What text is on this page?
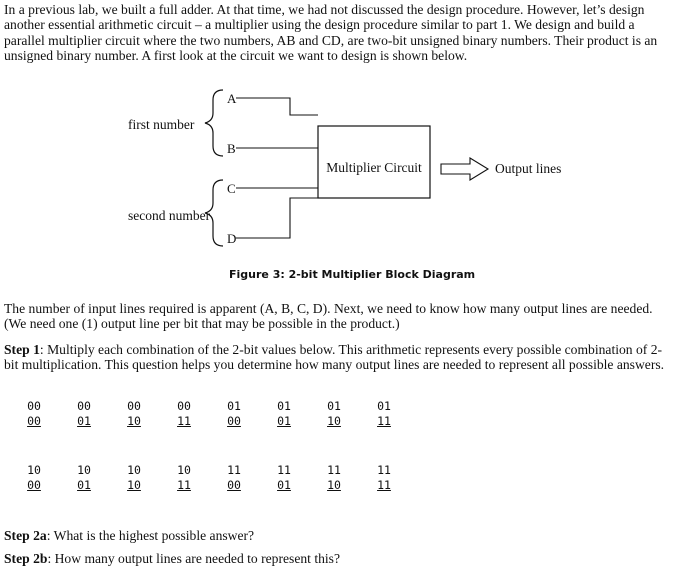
In a previous lab, we built a full adder. At that time, we had not discussed the design procedure. However, let’s design another essential arithmetic circuit – a multiplier using the design procedure similar to part 1. We design and build a parallel multiplier circuit where the two numbers, AB and CD, are two-bit unsigned binary numbers. Their product is an unsigned binary number. A first look at the circuit we want to design is shown below.
first number
second number
A
B
C
D
Multiplier Circuit	Output lines
Figure 3: 2-bit Multiplier Block Diagram
The number of input lines required is apparent (A, B, C, D). Next, we need to know how many output lines are needed. (We need one (1) output line per bit that may be possible in the product.)
Step 1: Multiply each combination of the 2-bit values below. This arithmetic represents every possible combination of 2-bit multiplication. This question helps you determine how many output lines are needed to represent all possible answers.
00
00
00
01
00
10
00
11
01
00
01
01
01
10
01
11
10
00
10
01
10
10
10
11
11
00
11
01
11
10
11
11
Step 2a: What is the highest possible answer?
Step 2b: How many output lines are needed to represent this?
